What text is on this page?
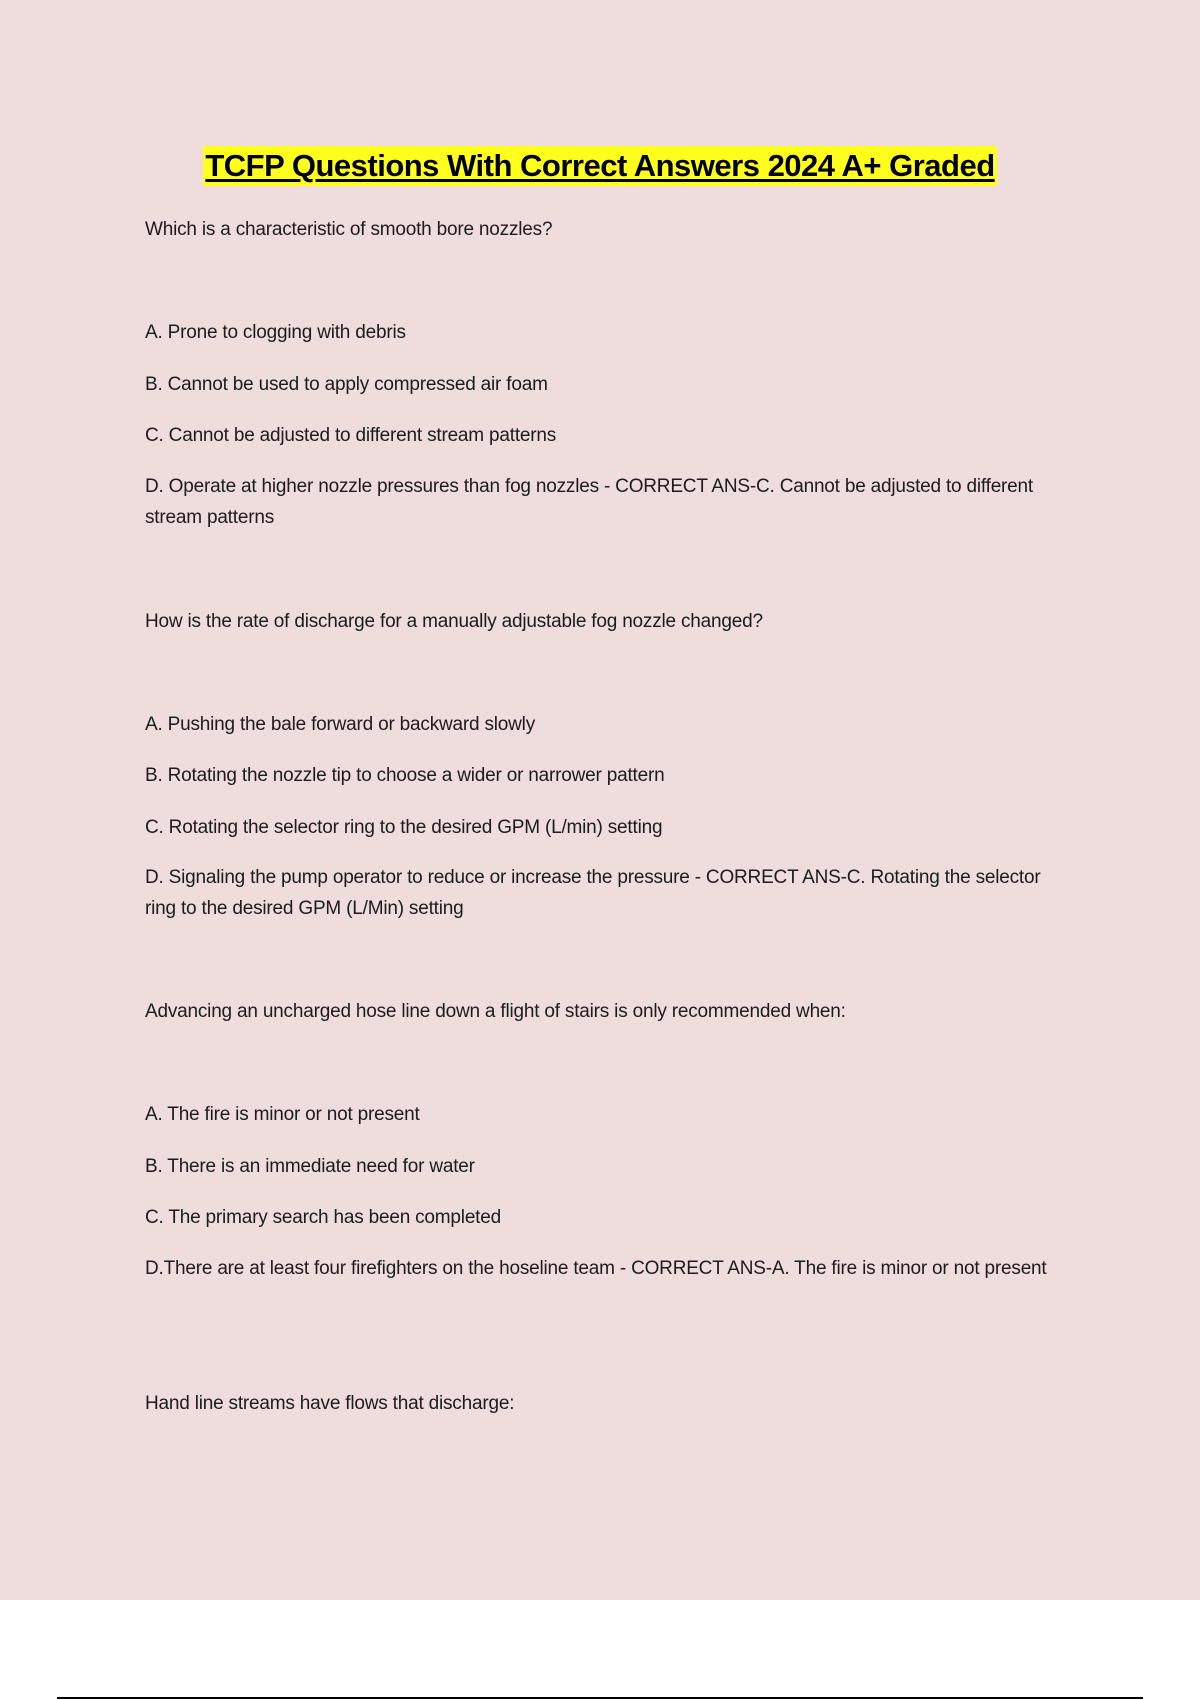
TCFP Questions With Correct Answers 2024 A+ Graded
Which is a characteristic of smooth bore nozzles?
A. Prone to clogging with debris
B. Cannot be used to apply compressed air foam
C. Cannot be adjusted to different stream patterns
D. Operate at higher nozzle pressures than fog nozzles - CORRECT ANS-C. Cannot be adjusted to different stream patterns
How is the rate of discharge for a manually adjustable fog nozzle changed?
A. Pushing the bale forward or backward slowly
B. Rotating the nozzle tip to choose a wider or narrower pattern
C. Rotating the selector ring to the desired GPM (L/min) setting
D. Signaling the pump operator to reduce or increase the pressure - CORRECT ANS-C. Rotating the selector ring to the desired GPM (L/Min) setting
Advancing an uncharged hose line down a flight of stairs is only recommended when:
A. The fire is minor or not present
B. There is an immediate need for water
C. The primary search has been completed
D.There are at least four firefighters on the hoseline team - CORRECT ANS-A. The fire is minor or not present
Hand line streams have flows that discharge:
